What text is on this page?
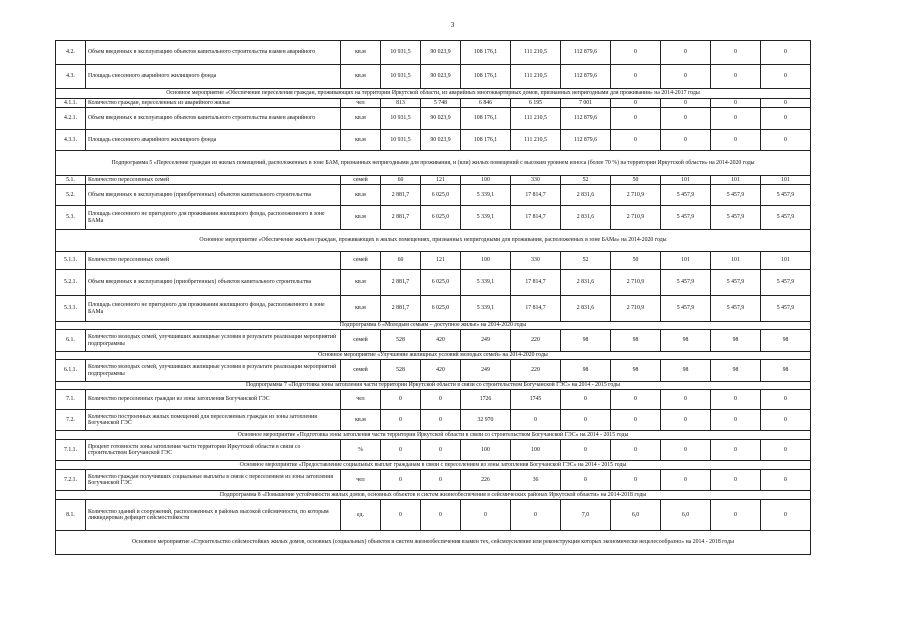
3
4.2.	Объем введенных в эксплуатацию объектов капитального строительства взамен аварийного	кв.м	10 931,5	90 023,9	108 176,1	111 210,5	112 879,6	0	0	0	0
4.3.	Площадь снесенного аварийного жилищного фонда	кв.м	10 931,5	90 023,9	108 176,1	111 210,5	112 879,6	0	0	0	0
Основное мероприятие «Обеспечение переселения граждан, проживающих на территории Иркутской области, из аварийных многоквартирных домов, признанных непригодными для проживания» на 2014-2017 годы											
4.1.1.	Количество граждан, переселенных из аварийного жилья	чел	813	5 748	6 846	6 195	7 001	0	0	0	0
4.2.1.	Объем введенных в эксплуатацию объектов капитального строительства взамен аварийного	кв.м	10 931,5	90 023,9	108 176,1	111 210,5	112 879,6	0	0	0	0
4.3.1.	Площадь снесенного аварийного жилищного фонда	кв.м	10 931,5	90 023,9	108 176,1	111 210,5	112 879,6	0	0	0	0
Подпрограмма 5 «Переселение граждан из жилых помещений, расположенных в зоне БАМ, признанных непригодными для проживания, и (или) жилых помещений с высоким уровнем износа (более 70 %) на территории Иркутской области» на 2014-2020 годы											
5.1.	Количество переселенных семей	семей	60	121	100	330	52	50	101	101	101
5.2.	Объем введенных в эксплуатацию (приобретенных) объектов капитального строительства	кв.м	2 881,7	6 025,0	5 339,1	17 814,7	2 831,6	2 710,9	5 457,9	5 457,9	5 457,9
5.3.	Площадь снесенного не пригодного для проживания жилищного фонда, расположенного в зоне БАМа	кв.м	2 881,7	6 025,0	5 339,1	17 814,7	2 831,6	2 710,9	5 457,9	5 457,9	5 457,9
Основное мероприятие «Обеспечение жильем граждан, проживающих в жилых помещениях, признанных непригодными для проживания, расположенных в зоне БАМа» на 2014-2020 годы											
5.1.1.	Количество переселенных семей	семей	60	121	100	330	52	50	101	101	101
5.2.1.	Объем введенных в эксплуатацию (приобретенных) объектов капитального строительства	кв.м	2 881,7	6 025,0	5 339,1	17 814,7	2 831,6	2 710,9	5 457,9	5 457,9	5 457,9
5.3.1.	Площадь снесенного не пригодного для проживания жилищного фонда, расположенного в зоне БАМа	кв.м	2 881,7	6 025,0	5 339,1	17 814,7	2 831,6	2 710,9	5 457,9	5 457,9	5 457,9
Подпрограмма 6 «Молодым семьям – доступное жилье» на 2014-2020 годы											
6.1.	Количество молодых семей, улучшивших жилищные условия в результате реализации мероприятий подпрограммы	семей	528	420	249	220	98	98	98	98	98
Основное мероприятие «Улучшение жилищных условий молодых семей» на 2014-2020 годы											
6.1.1.	Количество молодых семей, улучшивших жилищные условия в результате реализации мероприятий подпрограммы	семей	528	420	249	220	98	98	98	98	98
Подпрограмма 7 «Подготовка зоны затопления части территории Иркутской области в связи со строительством Богучанской ГЭС» на 2014 - 2015 годы											
7.1.	Количество переселенных граждан из зоны затопления Богучанской ГЭС	чел	0	0	1726	1745	0	0	0	0	0
7.2.	Количество построенных жилых помещений для переселяемых граждан из зоны затопления Богучанской ГЭС	кв.м	0	0	32 970	0	0	0	0	0	0
Основное мероприятие «Подготовка зоны затопления части территории Иркутской области в связи со строительством Богучанской ГЭС» на 2014 - 2015 годы											
7.1.1.	Процент готовности зоны затопления части территории Иркутской области в связи со строительством Богучанской ГЭС	%	0	0	100	100	0	0	0	0	0
Основное мероприятие «Предоставление социальных выплат гражданам в связи с переселением из зоны затопления Богучанской ГЭС» на 2014 - 2015 годы											
7.2.1.	Количество граждан получивших социальные выплаты в связи с переселением из зоны затопления Богучанской ГЭС	чел	0	0	226	36	0	0	0	0	0
Подпрограмма 8 «Повышение устойчивости жилых домов, основных объектов и систем жизнеобеспечения в сейсмических районах Иркутской области» на 2014-2018 годы											
8.1.	Количество зданий и сооружений, расположенных в районах высокой сейсмичности, по которым ликвидирован дефицит сейсмостойкости	ед.	0	0	0	0	7,0	6,0	6,0	0	0
Основное мероприятие «Строительство сейсмостойких жилых домов, основных (социальных) объектов и систем жизнеобеспечения взамен тех, сейсмоусиление или реконструкция которых экономически нецелесообразно» на 2014 - 2018 годы											
